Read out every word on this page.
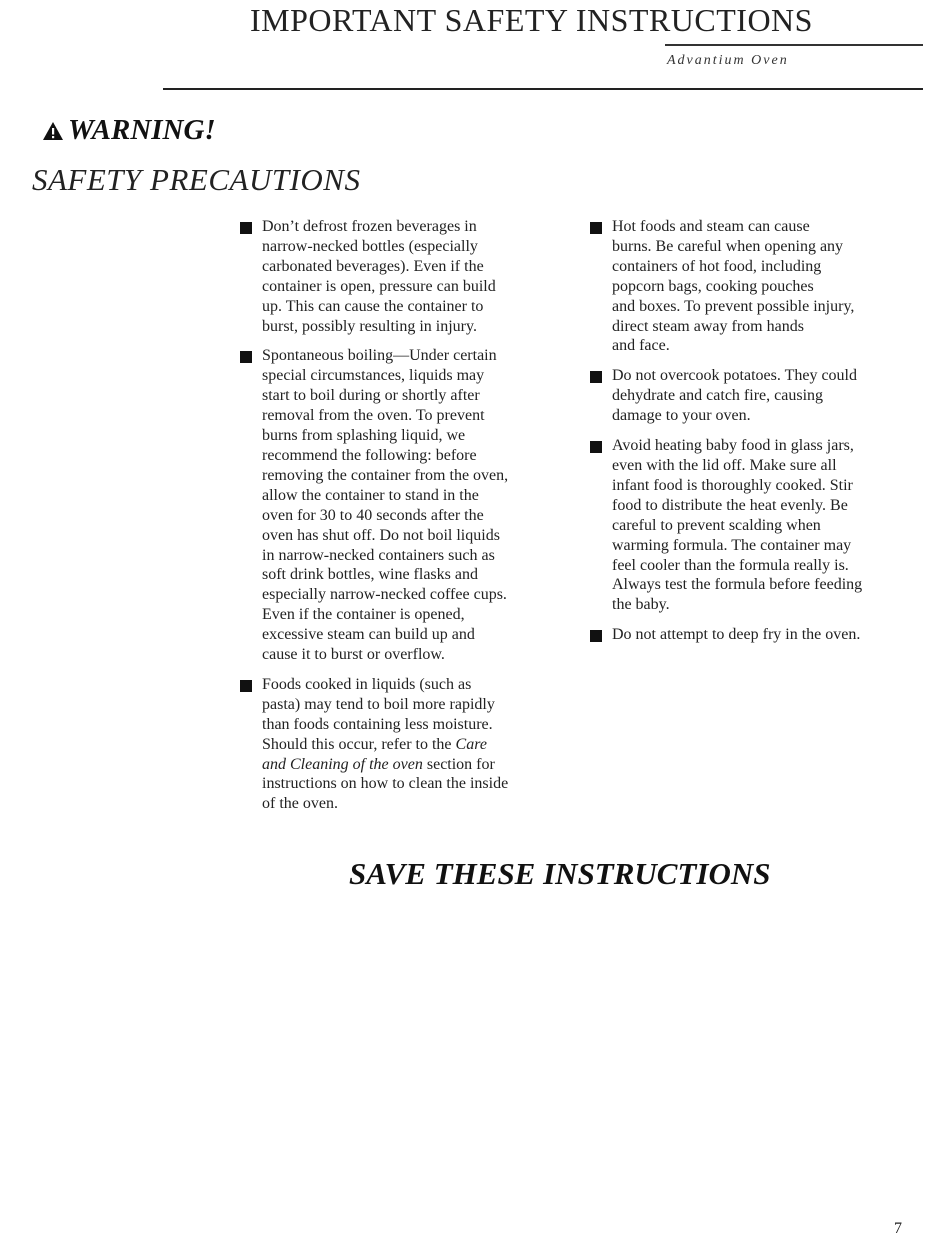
IMPORTANT SAFETY INSTRUCTIONS
Advantium Oven
WARNING!
SAFETY PRECAUTIONS

Don’t defrost frozen beverages in
narrow-necked bottles (especially
carbonated beverages). Even if the
container is open, pressure can build
up. This can cause the container to
burst, possibly resulting in injury.

Spontaneous boiling—Under certain
special circumstances, liquids may
start to boil during or shortly after
removal from the oven. To prevent
burns from splashing liquid, we
recommend the following: before
removing the container from the oven,
allow the container to stand in the
oven for 30 to 40 seconds after the
oven has shut off. Do not boil liquids
in narrow-necked containers such as
soft drink bottles, wine flasks and
especially narrow-necked coffee cups.
Even if the container is opened,
excessive steam can build up and
cause it to burst or overflow.

Foods cooked in liquids (such as
pasta) may tend to boil more rapidly
than foods containing less moisture.
Should this occur, refer to the Care
and Cleaning of the oven section for
instructions on how to clean the inside
of the oven.

Hot foods and steam can cause
burns. Be careful when opening any
containers of hot food, including
popcorn bags, cooking pouches
and boxes. To prevent possible injury,
direct steam away from hands
and face.

Do not overcook potatoes. They could
dehydrate and catch fire, causing
damage to your oven.

Avoid heating baby food in glass jars,
even with the lid off. Make sure all
infant food is thoroughly cooked. Stir
food to distribute the heat evenly. Be
careful to prevent scalding when
warming formula. The container may
feel cooler than the formula really is.
Always test the formula before feeding
the baby.

Do not attempt to deep fry in the oven.

SAVE THESE INSTRUCTIONS
7
